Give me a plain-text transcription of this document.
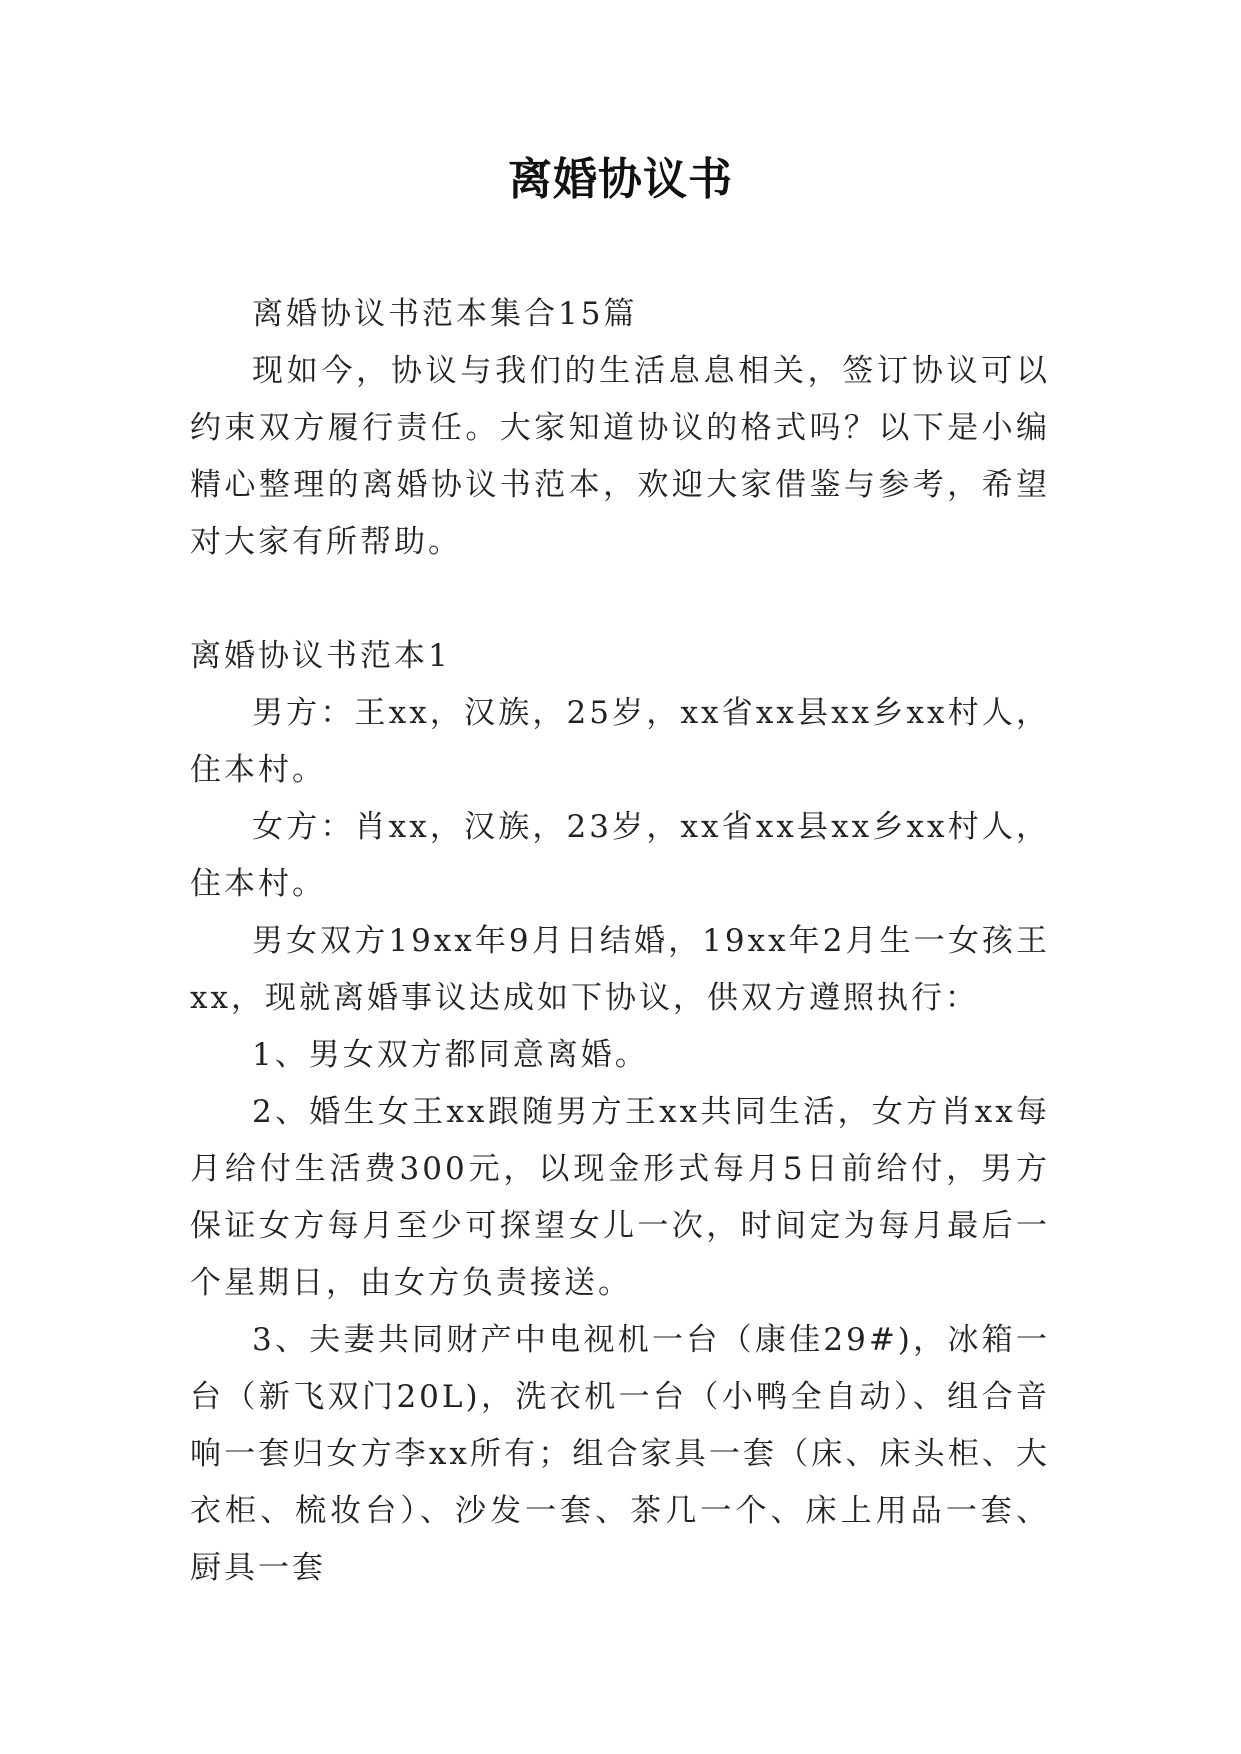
离婚协议书

离婚协议书范本集合15篇

现如今，协议与我们的生活息息相关，签订协议可以约束双方履行责任。大家知道协议的格式吗？以下是小编精心整理的离婚协议书范本，欢迎大家借鉴与参考，希望对大家有所帮助。

离婚协议书范本1

男方：王xx，汉族，25岁，xx省xx县xx乡xx村人，住本村。

女方：肖xx，汉族，23岁，xx省xx县xx乡xx村人，住本村。

男女双方19xx年9月日结婚，19xx年2月生一女孩王xx，现就离婚事议达成如下协议，供双方遵照执行：

1、男女双方都同意离婚。

2、婚生女王xx跟随男方王xx共同生活，女方肖xx每月给付生活费300元，以现金形式每月5日前给付，男方保证女方每月至少可探望女儿一次，时间定为每月最后一个星期日，由女方负责接送。

3、夫妻共同财产中电视机一台（康佳29#)，冰箱一台（新飞双门20L)，洗衣机一台（小鸭全自动）、组合音响一套归女方李xx所有；组合家具一套（床、床头柜、大衣柜、梳妆台）、沙发一套、茶几一个、床上用品一套、厨具一套
